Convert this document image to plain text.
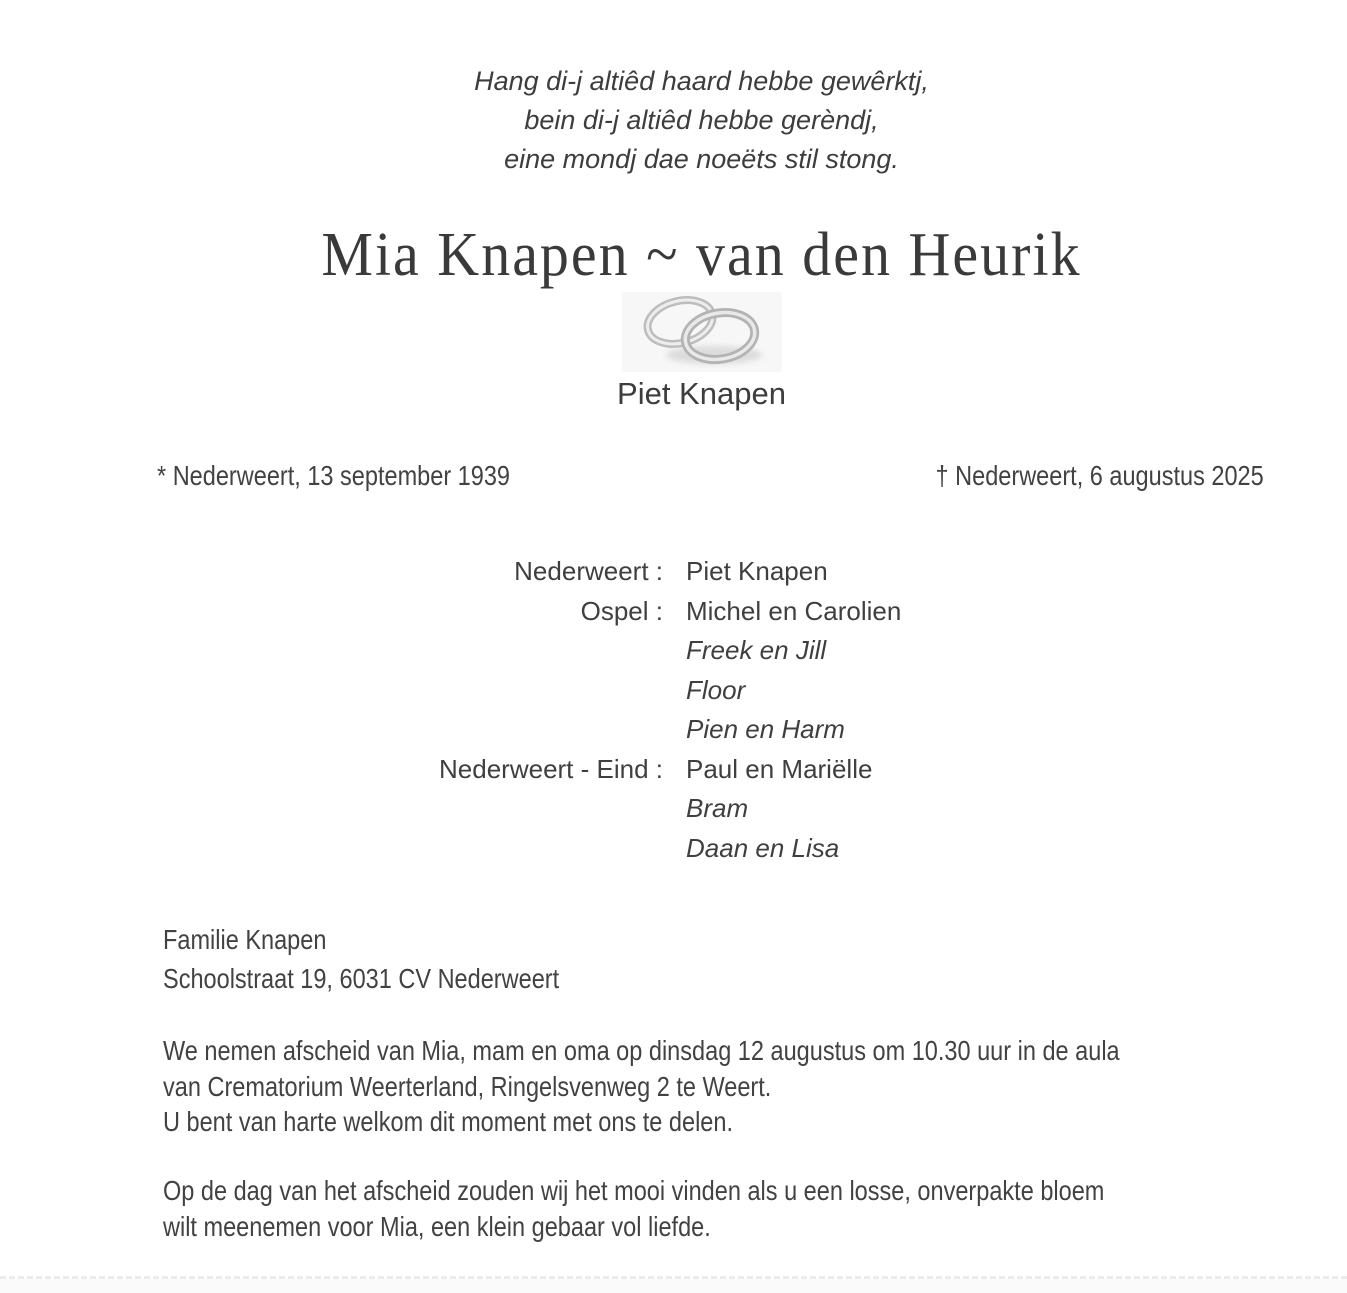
Hang di-j altiêd haard hebbe gewêrktj,
bein di-j altiêd hebbe gerèndj,
eine mondj dae noeëts stil stong.
Mia Knapen ~ van den Heurik
Piet Knapen
* Nederweert, 13 september 1939	† Nederweert, 6 augustus 2025
Nederweert : Piet Knapen
Ospel : Michel en Carolien
Freek en Jill
Floor
Pien en Harm
Nederweert - Eind : Paul en Mariëlle
Bram
Daan en Lisa
Familie Knapen
Schoolstraat 19, 6031 CV Nederweert
We nemen afscheid van Mia, mam en oma op dinsdag 12 augustus om 10.30 uur in de aula
van Crematorium Weerterland, Ringelsvenweg 2 te Weert.
U bent van harte welkom dit moment met ons te delen.
Op de dag van het afscheid zouden wij het mooi vinden als u een losse, onverpakte bloem
wilt meenemen voor Mia, een klein gebaar vol liefde.
